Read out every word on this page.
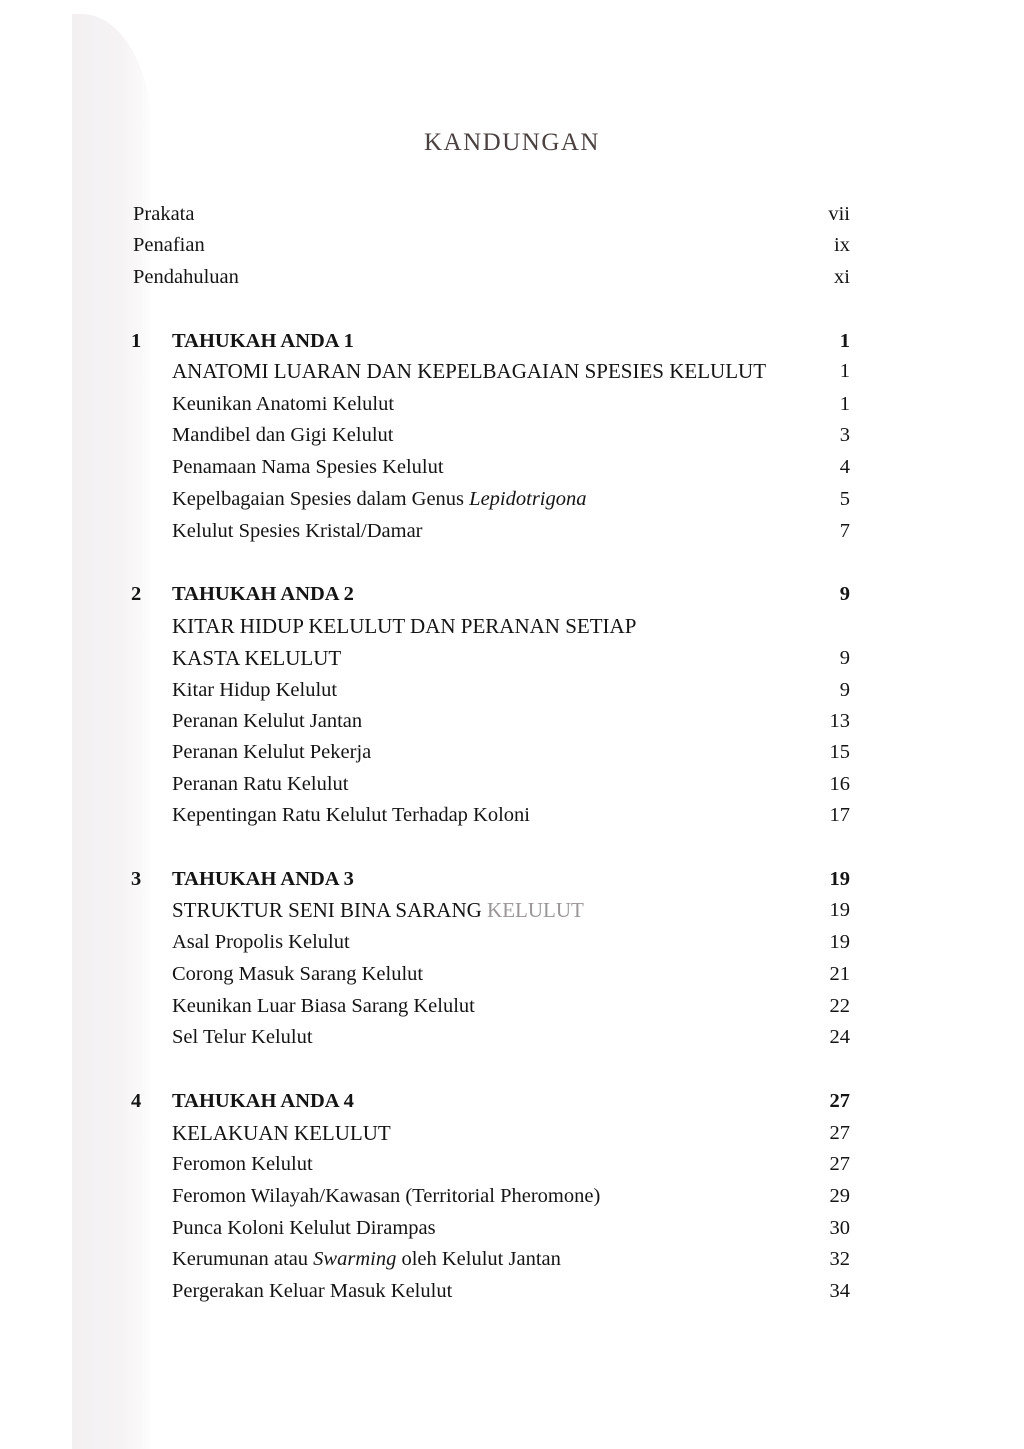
KANDUNGAN
Prakata	vii
Penafian	ix
Pendahuluan	xi
1 TAHUKAH ANDA 1	1
ANATOMI LUARAN DAN KEPELBAGAIAN SPESIES KELULUT	1
Keunikan Anatomi Kelulut	1
Mandibel dan Gigi Kelulut	3
Penamaan Nama Spesies Kelulut	4
Kepelbagaian Spesies dalam Genus Lepidotrigona	5
Kelulut Spesies Kristal/Damar	7
2 TAHUKAH ANDA 2	9
KITAR HIDUP KELULUT DAN PERANAN SETIAP
KASTA KELULUT	9
Kitar Hidup Kelulut	9
Peranan Kelulut Jantan	13
Peranan Kelulut Pekerja	15
Peranan Ratu Kelulut	16
Kepentingan Ratu Kelulut Terhadap Koloni	17
3 TAHUKAH ANDA 3	19
STRUKTUR SENI BINA SARANG KELULUT	19
Asal Propolis Kelulut	19
Corong Masuk Sarang Kelulut	21
Keunikan Luar Biasa Sarang Kelulut	22
Sel Telur Kelulut	24
4 TAHUKAH ANDA 4	27
KELAKUAN KELULUT	27
Feromon Kelulut	27
Feromon Wilayah/Kawasan (Territorial Pheromone)	29
Punca Koloni Kelulut Dirampas	30
Kerumunan atau Swarming oleh Kelulut Jantan	32
Pergerakan Keluar Masuk Kelulut	34
